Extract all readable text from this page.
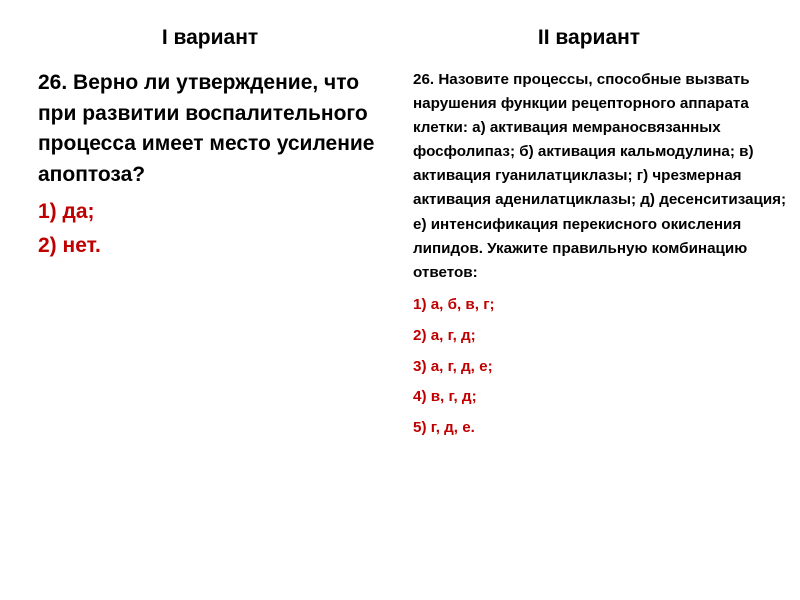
I вариант	II вариант

26. Верно ли утверждение, что при развитии воспалительного процесса имеет место усиление апоптоза?

1) да;
2) нет.

26. Назовите процессы, способные вызвать нарушения функции рецепторного аппарата клетки: а) активация мемраносвязанных фосфолипаз; б) активация кальмодулина; в) активация гуанилатциклазы; г) чрезмерная активация аденилатциклазы; д) десенситизация; е) интенсификация перекисного окисления липидов. Укажите правильную комбинацию ответов:

1) а, б, в, г;
2) а, г, д;
3) а, г, д, е;
4) в, г, д;
5) г, д, е.
